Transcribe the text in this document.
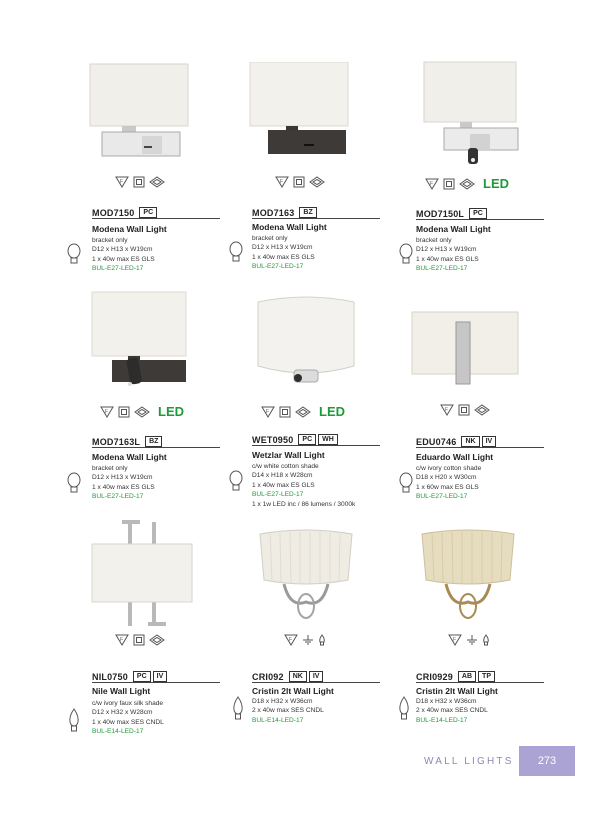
F
MOD7150	PC
Modena Wall Light
bracket only
D12 x H13 x W19cm
1 x 40w max ES GLS
BUL-E27-LED-17
F
MOD7163	BZ
Modena Wall Light
bracket only
D12 x H13 x W19cm
1 x 40w max ES GLS
BUL-E27-LED-17
F	LED
MOD7150L	PC
Modena Wall Light
bracket only
D12 x H13 x W19cm
1 x 40w max ES GLS
BUL-E27-LED-17
F	LED
MOD7163L	BZ
Modena Wall Light
bracket only
D12 x H13 x W19cm
1 x 40w max ES GLS
BUL-E27-LED-17
F	LED
WET0950	PC	WH
Wetzlar Wall Light
c/w white cotton shade
D14 x H18 x W28cm
1 x 40w max ES GLS
BUL-E27-LED-17
1 x 1w LED inc / 86 lumens / 3000k
F
EDU0746	NK	IV
Eduardo Wall Light
c/w ivory cotton shade
D18 x H20 x W30cm
1 x 60w max ES GLS
BUL-E27-LED-17
F
NIL0750	PC	IV
Nile Wall Light
c/w ivory faux silk shade
D12 x H32 x W28cm
1 x 40w max SES CNDL
BUL-E14-LED-17
F
CRI092	NK	IV
Cristin 2lt Wall Light
D18 x H32 x W36cm
2 x 40w max SES CNDL
BUL-E14-LED-17
F
CRI0929	AB	TP
Cristin 2lt Wall Light
D18 x H32 x W36cm
2 x 40w max SES CNDL
BUL-E14-LED-17
WALL LIGHTS	273
